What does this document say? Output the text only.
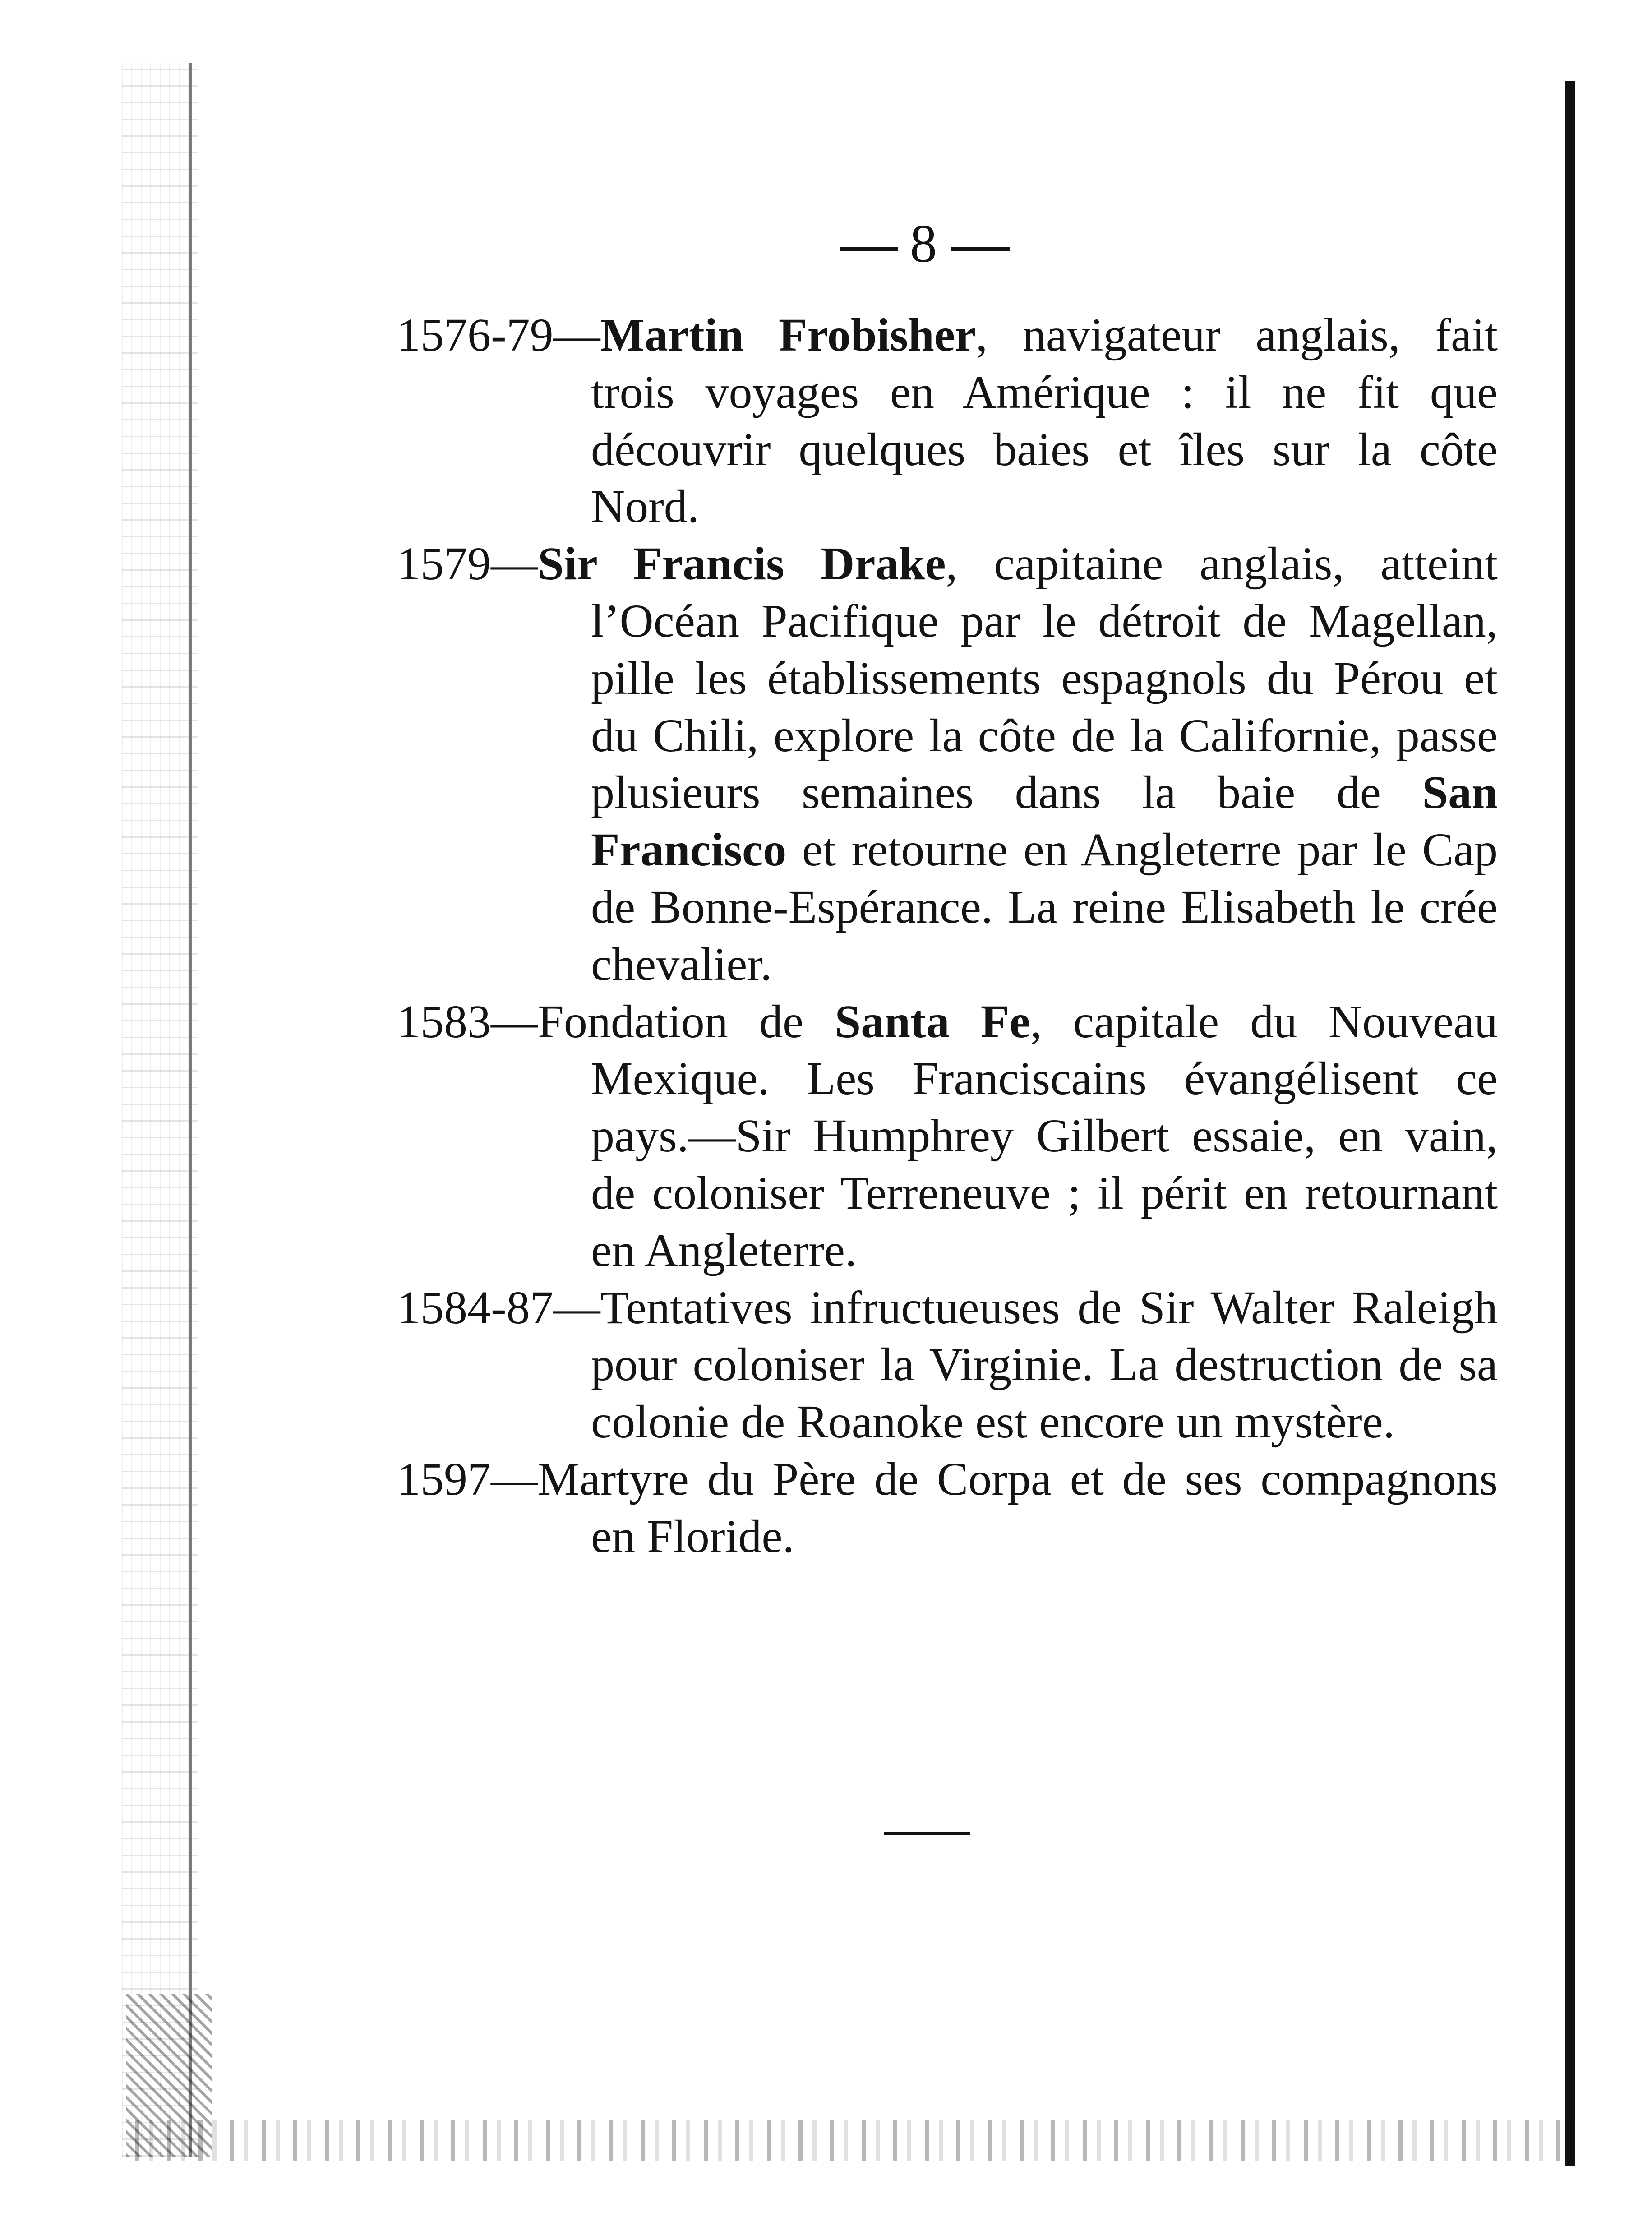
8

1576-79—Martin Frobisher, navigateur anglais, fait trois voyages en Amérique : il ne fit que découvrir quelques baies et îles sur la côte Nord.

1579—Sir Francis Drake, capitaine anglais, atteint l’Océan Pacifique par le détroit de Magellan, pille les établissements espagnols du Pérou et du Chili, explore la côte de la Californie, passe plusieurs semaines dans la baie de San Francisco et retourne en Angleterre par le Cap de Bonne-Espérance. La reine Elisabeth le crée chevalier.

1583—Fondation de Santa Fe, capitale du Nouveau Mexique. Les Franciscains évangélisent ce pays.—Sir Humphrey Gilbert essaie, en vain, de coloniser Terreneuve ; il périt en retournant en Angleterre.

1584-87—Tentatives infructueuses de Sir Walter Raleigh pour coloniser la Virginie. La destruction de sa colonie de Roanoke est encore un mystère.

1597—Martyre du Père de Corpa et de ses compagnons en Floride.
